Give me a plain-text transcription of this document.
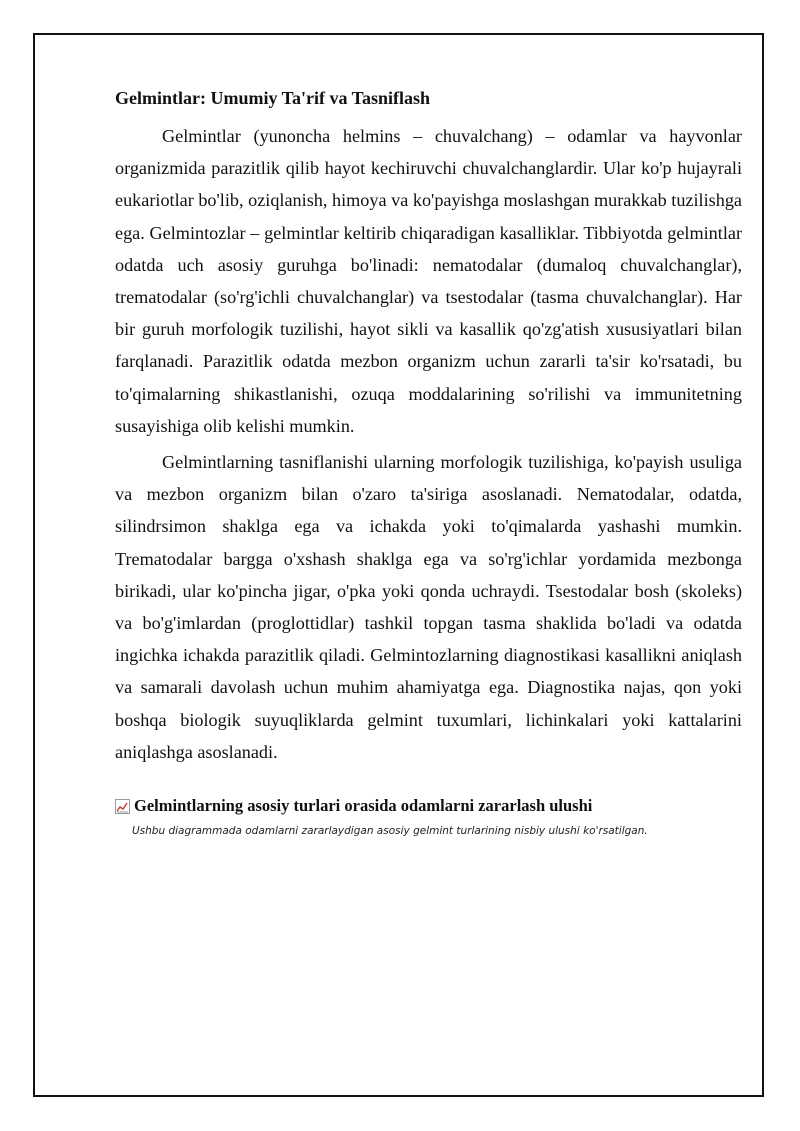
Gelmintlar: Umumiy Ta'rif va Tasniflash

Gelmintlar (yunoncha helmins – chuvalchang) – odamlar va hayvonlar organizmida parazitlik qilib hayot kechiruvchi chuvalchanglardir. Ular ko'p hujayrali eukariotlar bo'lib, oziqlanish, himoya va ko'payishga moslashgan murakkab tuzilishga ega. Gelmintozlar – gelmintlar keltirib chiqaradigan kasalliklar. Tibbiyotda gelmintlar odatda uch asosiy guruhga bo'linadi: nematodalar (dumaloq chuvalchanglar), trematodalar (so'rg'ichli chuvalchanglar) va tsestodalar (tasma chuvalchanglar). Har bir guruh morfologik tuzilishi, hayot sikli va kasallik qo'zg'atish xususiyatlari bilan farqlanadi. Parazitlik odatda mezbon organizm uchun zararli ta'sir ko'rsatadi, bu to'qimalarning shikastlanishi, ozuqa moddalarining so'rilishi va immunitetning susayishiga olib kelishi mumkin.

Gelmintlarning tasniflanishi ularning morfologik tuzilishiga, ko'payish usuliga va mezbon organizm bilan o'zaro ta'siriga asoslanadi. Nematodalar, odatda, silindrsimon shaklga ega va ichakda yoki to'qimalarda yashashi mumkin. Trematodalar bargga o'xshash shaklga ega va so'rg'ichlar yordamida mezbonga birikadi, ular ko'pincha jigar, o'pka yoki qonda uchraydi. Tsestodalar bosh (skoleks) va bo'g'imlardan (proglottidlar) tashkil topgan tasma shaklida bo'ladi va odatda ingichka ichakda parazitlik qiladi. Gelmintozlarning diagnostikasi kasallikni aniqlash va samarali davolash uchun muhim ahamiyatga ega. Diagnostika najas, qon yoki boshqa biologik suyuqliklarda gelmint tuxumlari, lichinkalari yoki kattalarini aniqlashga asoslanadi.

Gelmintlarning asosiy turlari orasida odamlarni zararlash ulushi
Ushbu diagrammada odamlarni zararlaydigan asosiy gelmint turlarining nisbiy ulushi ko'rsatilgan.
